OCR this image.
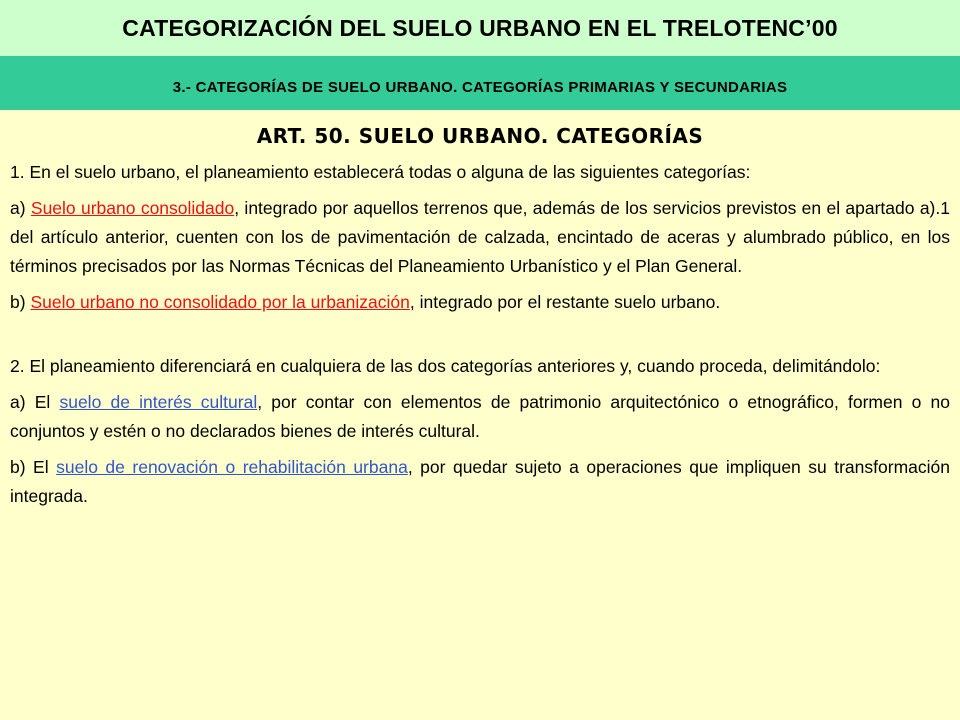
CATEGORIZACIÓN DEL SUELO URBANO EN EL TRELOTENC’00
3.- CATEGORÍAS DE SUELO URBANO. CATEGORÍAS PRIMARIAS Y SECUNDARIAS
ART. 50. SUELO URBANO. CATEGORÍAS

1. En el suelo urbano, el planeamiento establecerá todas o alguna de las siguientes categorías:

a) Suelo urbano consolidado, integrado por aquellos terrenos que, además de los servicios previstos en el apartado a).1 del artículo anterior, cuenten con los de pavimentación de calzada, encintado de aceras y alumbrado público, en los términos precisados por las Normas Técnicas del Planeamiento Urbanístico y el Plan General.

b) Suelo urbano no consolidado por la urbanización, integrado por el restante suelo urbano.

2. El planeamiento diferenciará en cualquiera de las dos categorías anteriores y, cuando proceda, delimitándolo:

a) El suelo de interés cultural, por contar con elementos de patrimonio arquitectónico o etnográfico, formen o no conjuntos y estén o no declarados bienes de interés cultural.

b) El suelo de renovación o rehabilitación urbana, por quedar sujeto a operaciones que impliquen su transformación integrada.
